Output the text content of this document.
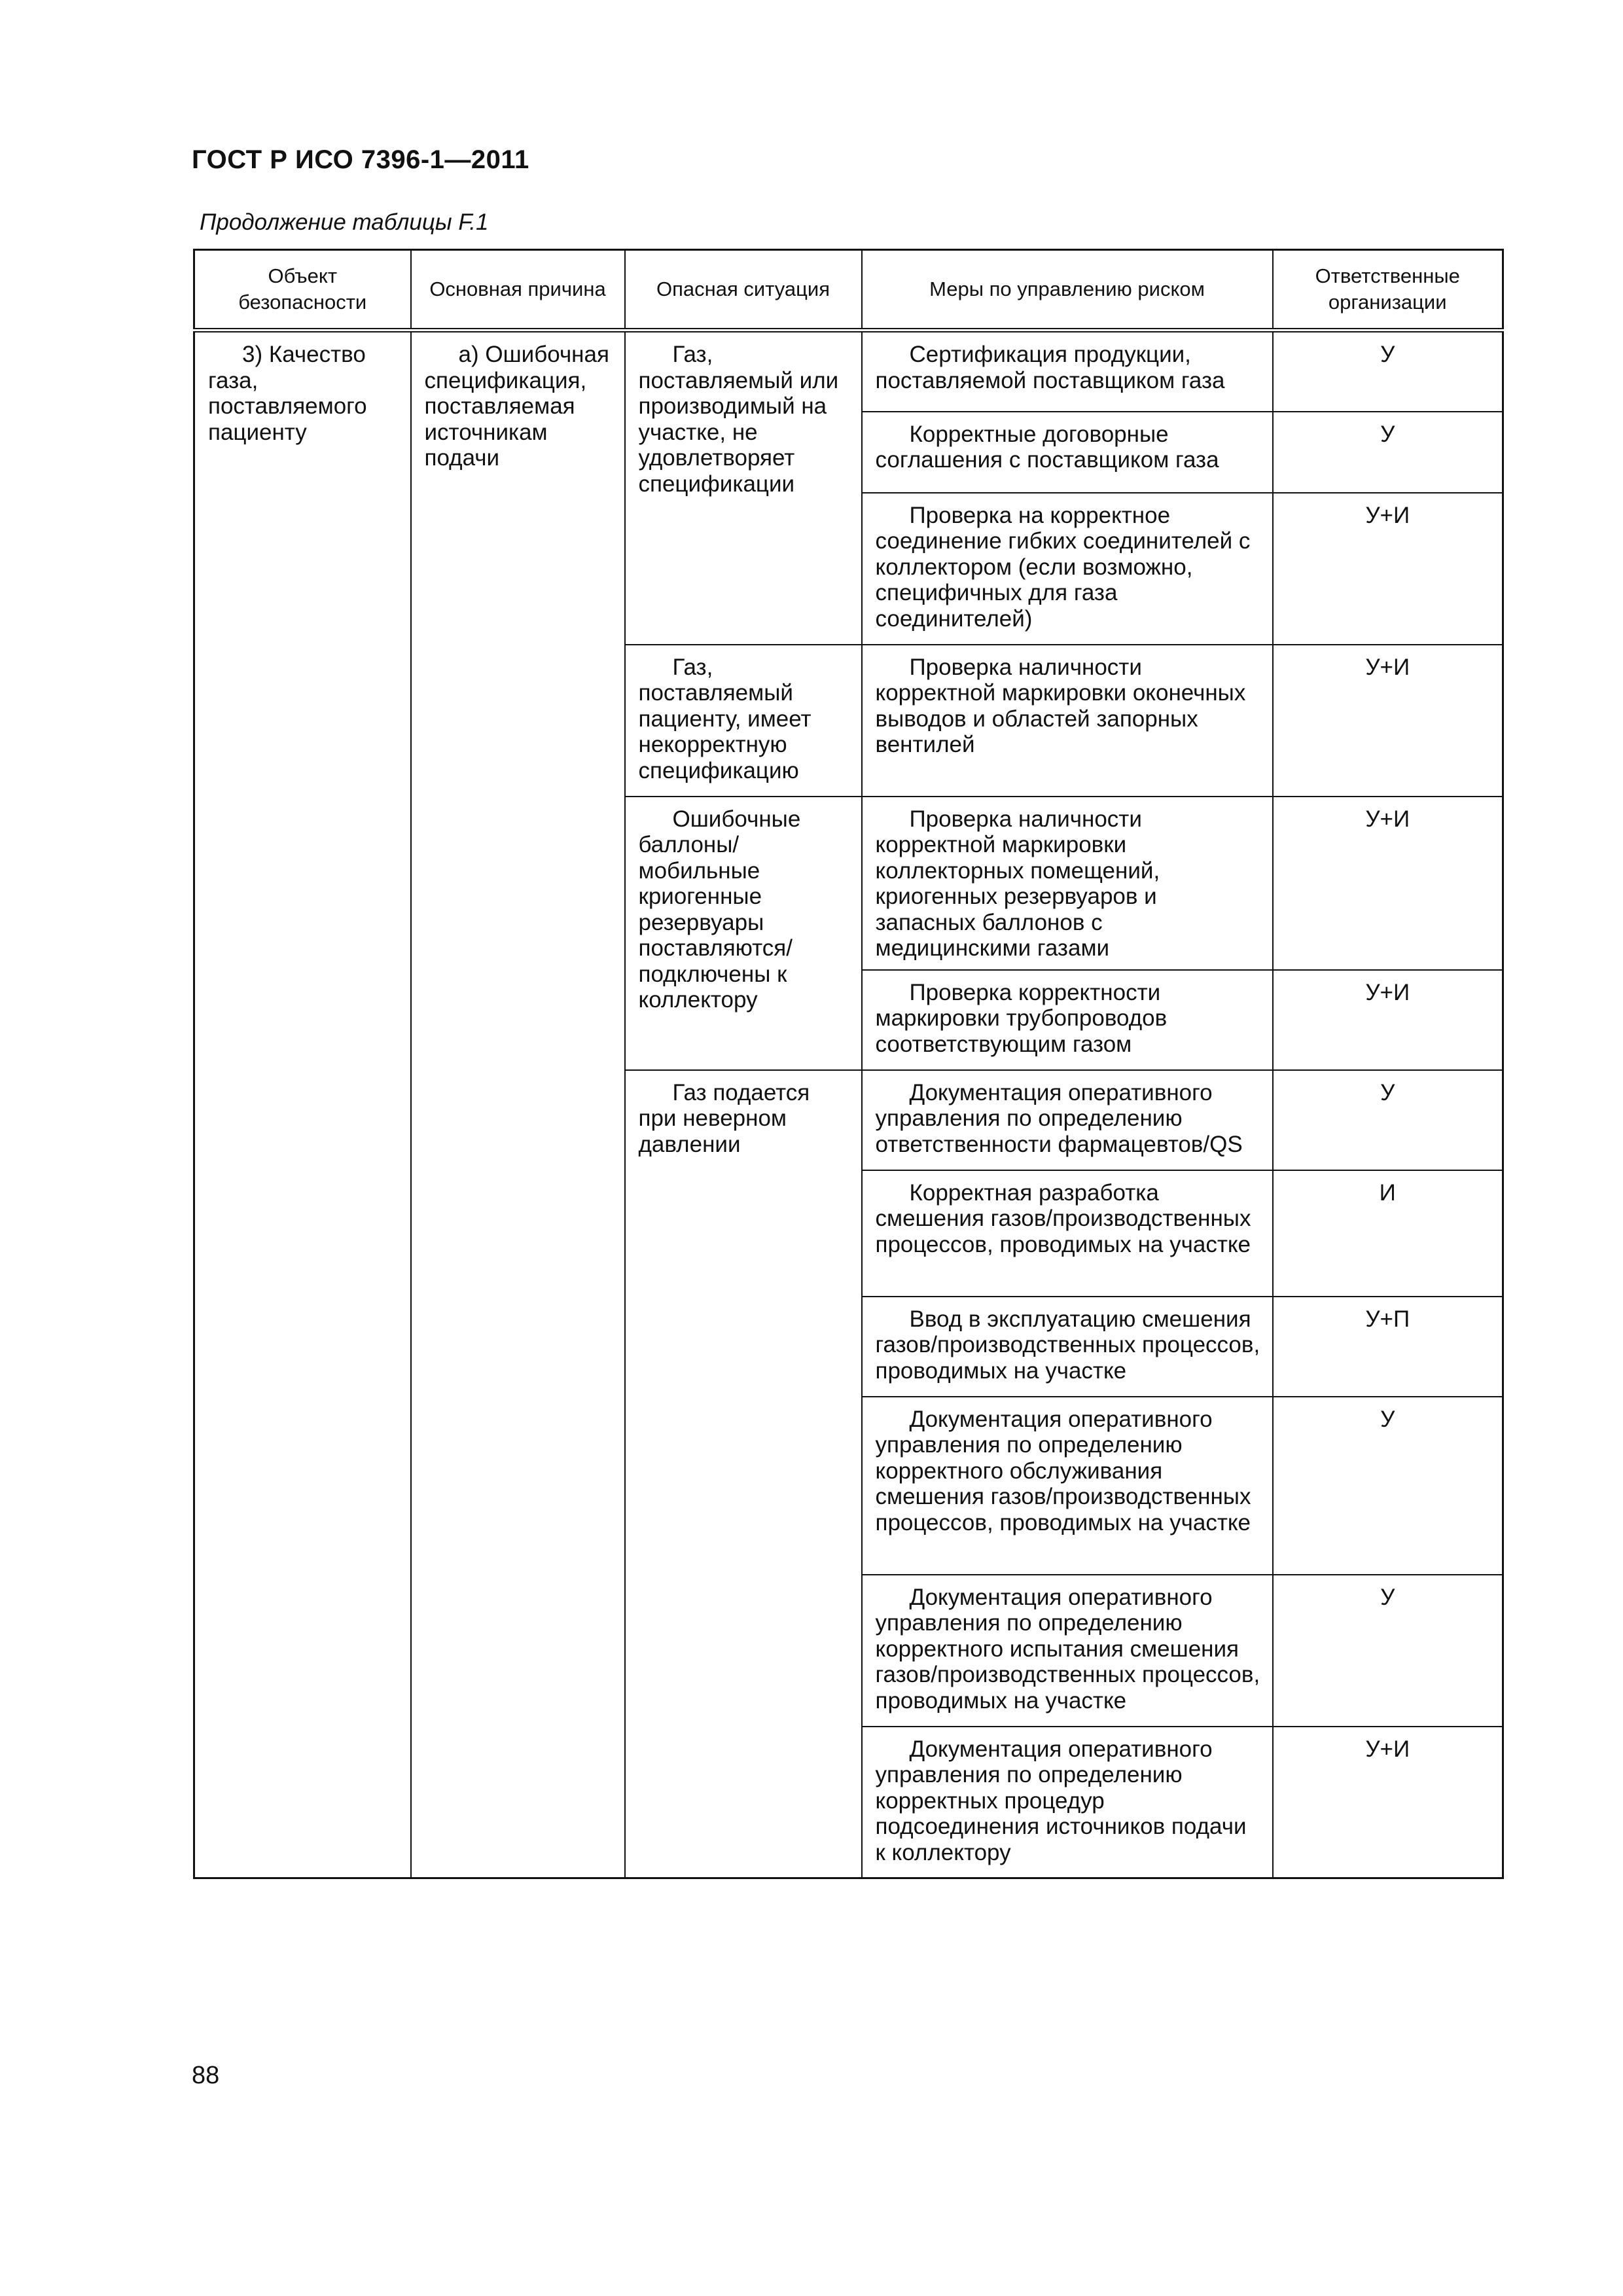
ГОСТ Р ИСО 7396-1—2011
Продолжение таблицы F.1
Объект безопасности	Основная причина	Опасная ситуация	Меры по управлению риском	Ответственные организации
3) Качество газа, поставляемого пациенту	а) Ошибочная спецификация, поставляемая источникам подачи	Газ, поставляемый или производимый на участке, не удовлетворяет спецификации	Сертификация продукции, поставляемой поставщиком газа	У
			Корректные договорные соглашения с поставщиком газа	У
			Проверка на корректное соединение гибких соединителей с коллектором (если возможно, специфичных для газа соединителей)	У+И
		Газ, поставляемый пациенту, имеет некорректную спецификацию	Проверка наличности корректной маркировки оконечных выводов и областей запорных вентилей	У+И
		Ошибочные баллоны/мобильные криогенные резервуары поставляются/подключены к коллектору	Проверка наличности корректной маркировки коллекторных помещений, криогенных резервуаров и запасных баллонов с медицинскими газами	У+И
			Проверка корректности маркировки трубопроводов соответствующим газом	У+И
		Газ подается при неверном давлении	Документация оперативного управления по определению ответственности фармацевтов/QS	У
			Корректная разработка смешения газов/производственных процессов, проводимых на участке	И
			Ввод в эксплуатацию смешения газов/производственных процессов, проводимых на участке	У+П
			Документация оперативного управления по определению корректного обслуживания смешения газов/производственных процессов, проводимых на участке	У
			Документация оперативного управления по определению корректного испытания смешения газов/производственных процессов, проводимых на участке	У
			Документация оперативного управления по определению корректных процедур подсоединения источников подачи к коллектору	У+И
88
